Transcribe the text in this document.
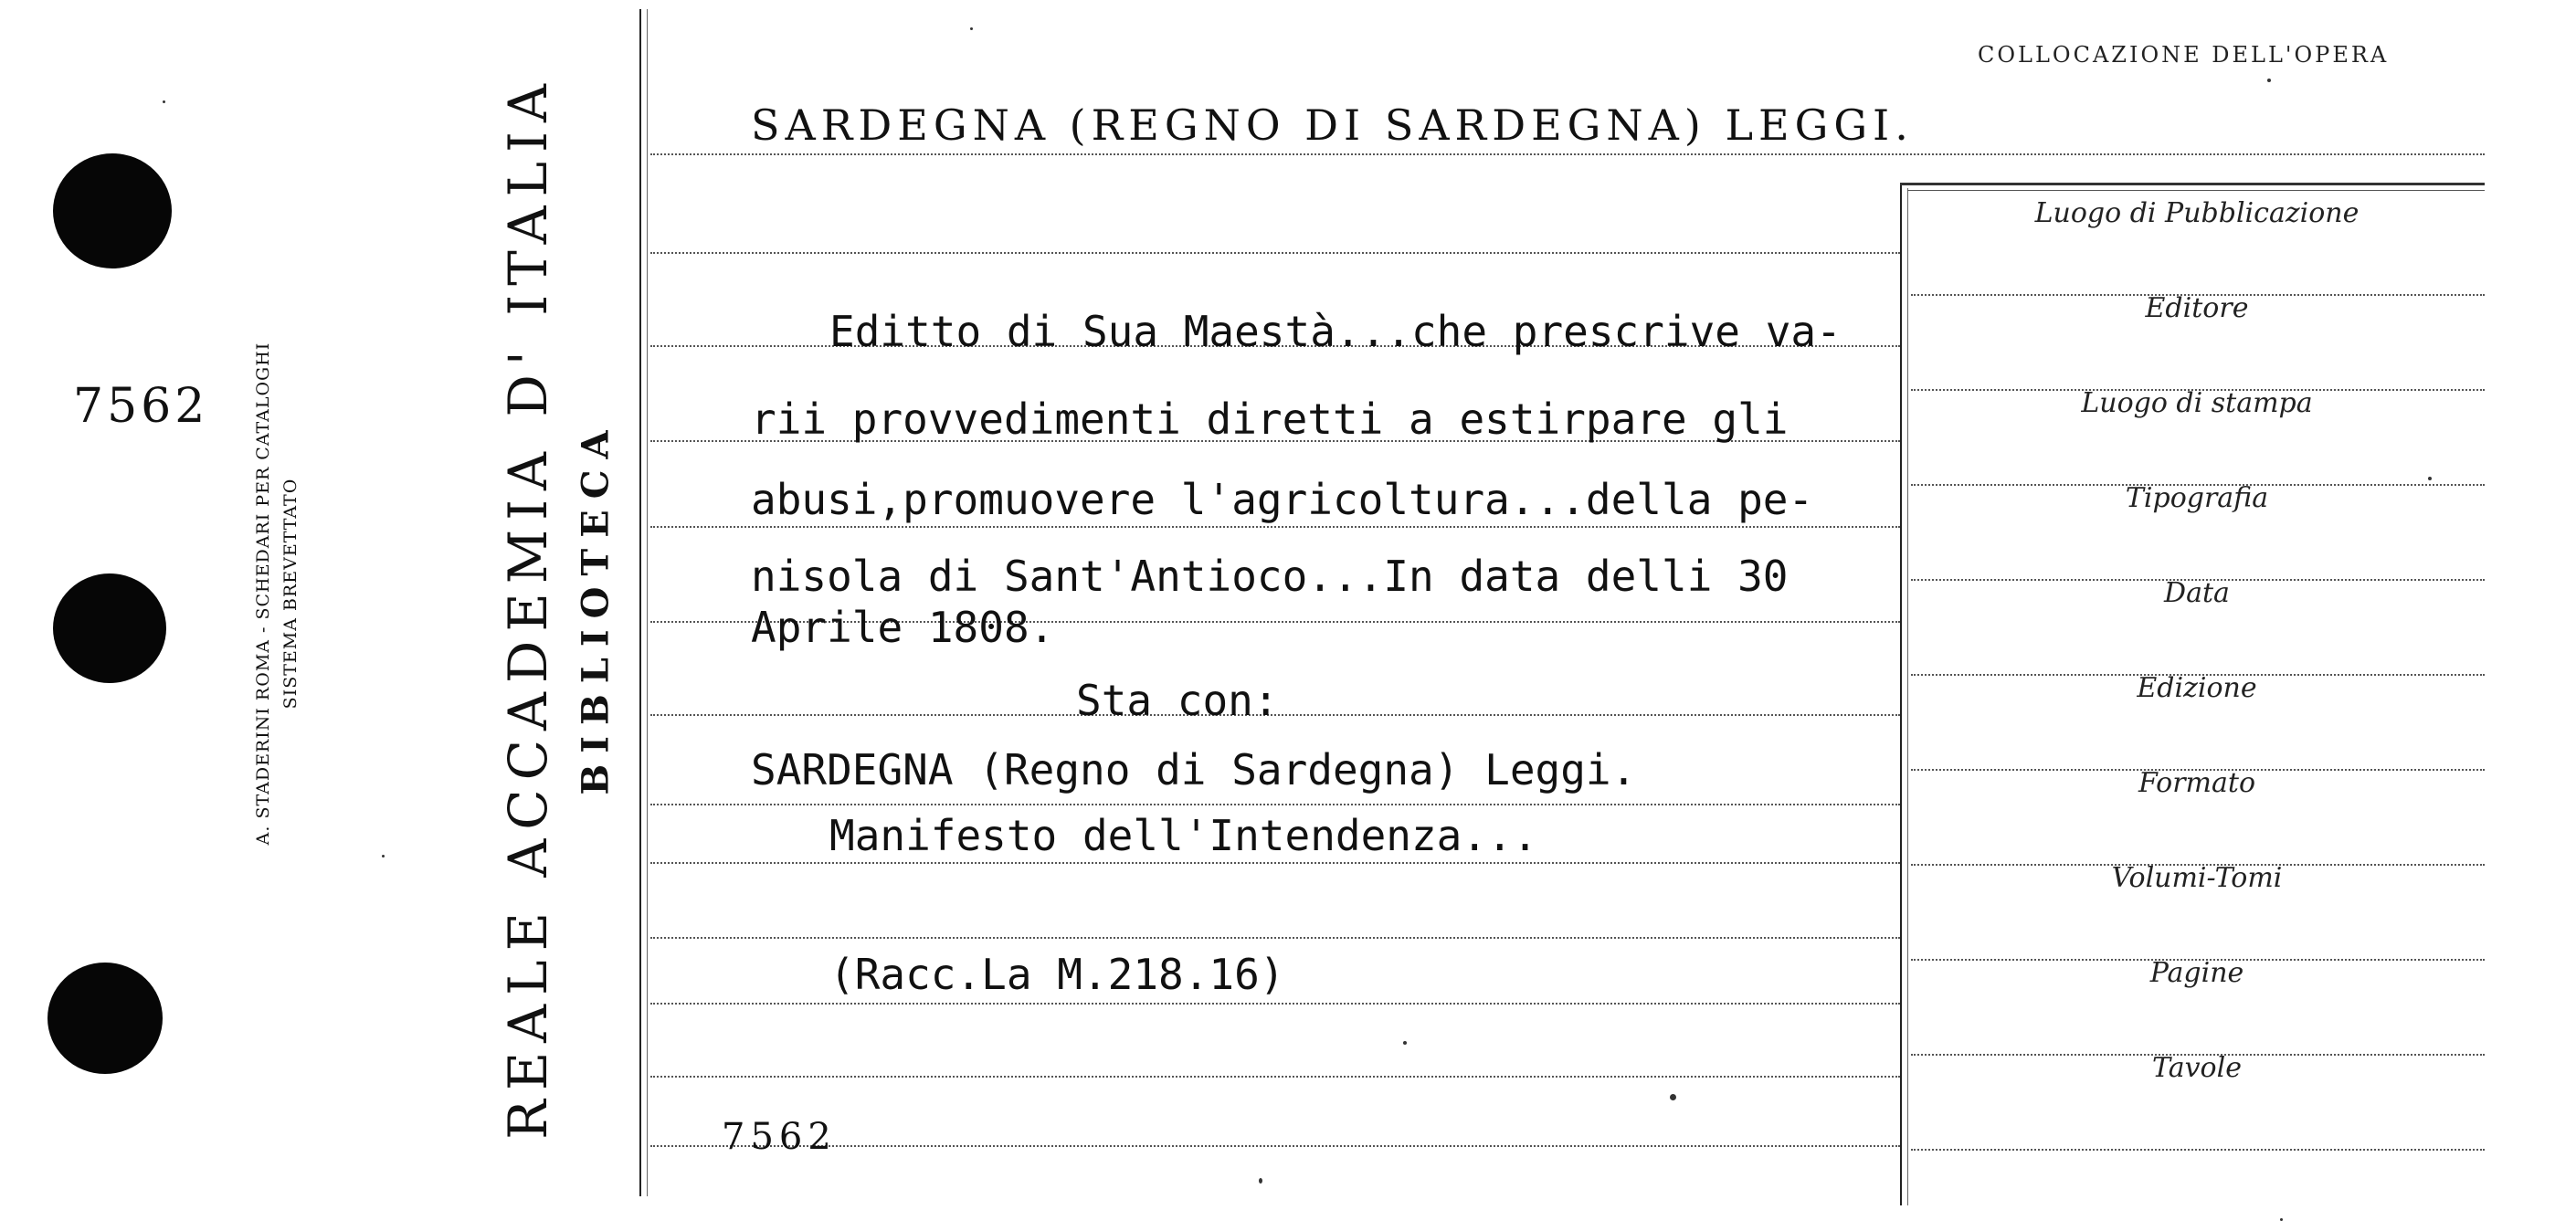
7562	A. STADERINI ROMA - SCHEDARI PER CATALOGHI SISTEMA BREVETTATO	REALE ACCADEMIA D' ITALIA BIBLIOTECA
COLLOCAZIONE DELL'OPERA
SARDEGNA (REGNO DI SARDEGNA) LEGGI.
Editto di Sua Maestà...che prescrive va-
rii provvedimenti diretti a estirpare gli
abusi,promuovere l'agricoltura...della pe-
nisola di Sant'Antioco...In data delli 30
Aprile 1808.
Sta con:
SARDEGNA (Regno di Sardegna) Leggi.
Manifesto dell'Intendenza...
(Racc.La M.218.16)
7562
Luogo di Pubblicazione
Editore
Luogo di stampa
Tipografia
Data
Edizione
Formato
Volumi-Tomi
Pagine
Tavole
